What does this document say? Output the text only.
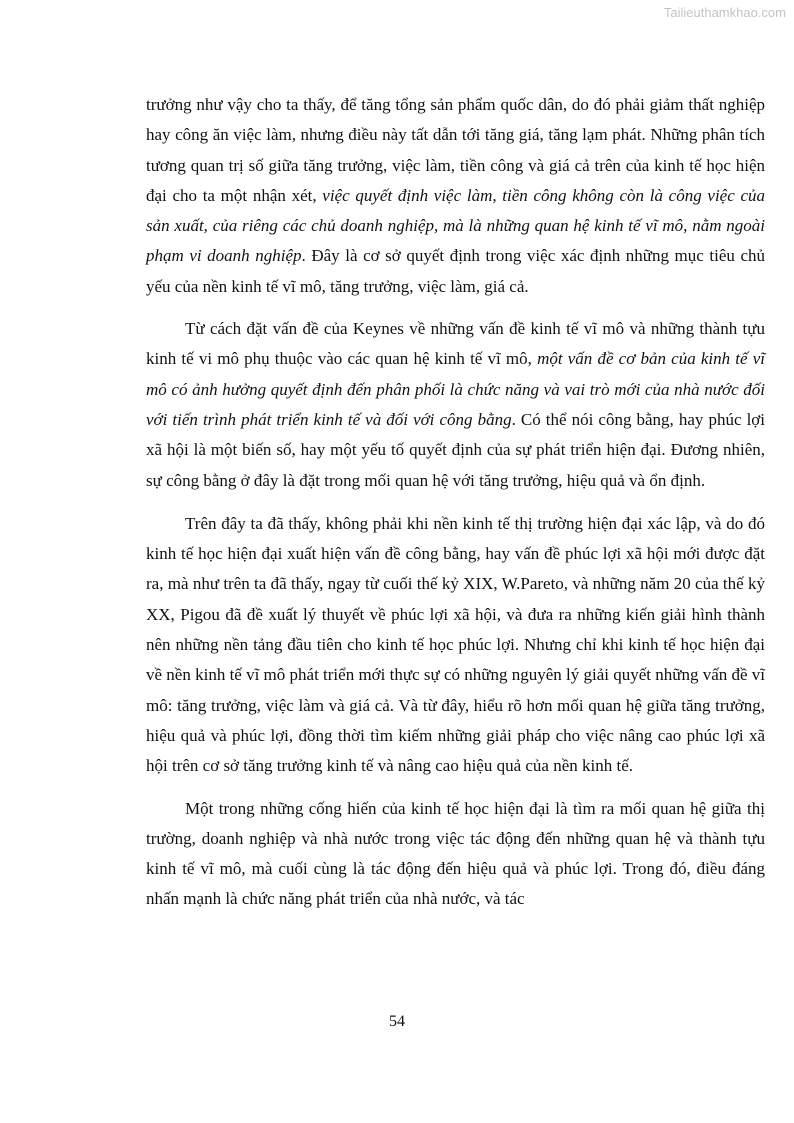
Tailieuthamkhao.com

trưởng như vậy cho ta thấy, để tăng tổng sản phẩm quốc dân, do đó phải giảm thất nghiệp hay công ăn việc làm, nhưng điều này tất dẫn tới tăng giá, tăng lạm phát. Những phân tích tương quan trị số giữa tăng trưởng, việc làm, tiền công và giá cả trên của kinh tế học hiện đại cho ta một nhận xét, việc quyết định việc làm, tiền công không còn là công việc của sản xuất, của riêng các chủ doanh nghiệp, mà là những quan hệ kinh tế vĩ mô, nằm ngoài phạm vi doanh nghiệp. Đây là cơ sở quyết định trong việc xác định những mục tiêu chủ yếu của nền kinh tế vĩ mô, tăng trưởng, việc làm, giá cả.

Từ cách đặt vấn đề của Keynes về những vấn đề kinh tế vĩ mô và những thành tựu kinh tế vi mô phụ thuộc vào các quan hệ kinh tế vĩ mô, một vấn đề cơ bản của kinh tế vĩ mô có ảnh hưởng quyết định đến phân phối là chức năng và vai trò mới của nhà nước đối với tiến trình phát triển kinh tế và đối với công bằng. Có thể nói công bằng, hay phúc lợi xã hội là một biến số, hay một yếu tố quyết định của sự phát triển hiện đại. Đương nhiên, sự công bằng ở đây là đặt trong mối quan hệ với tăng trưởng, hiệu quả và ổn định.

Trên đây ta đã thấy, không phải khi nền kinh tế thị trường hiện đại xác lập, và do đó kinh tế học hiện đại xuất hiện vấn đề công bằng, hay vấn đề phúc lợi xã hội mới được đặt ra, mà như trên ta đã thấy, ngay từ cuối thế kỷ XIX, W.Pareto, và những năm 20 của thế kỷ XX, Pigou đã đề xuất lý thuyết về phúc lợi xã hội, và đưa ra những kiến giải hình thành nên những nền tảng đầu tiên cho kinh tế học phúc lợi. Nhưng chỉ khi kinh tế học hiện đại về nền kinh tế vĩ mô phát triển mới thực sự có những nguyên lý giải quyết những vấn đề vĩ mô: tăng trưởng, việc làm và giá cả. Và từ đây, hiểu rõ hơn mối quan hệ giữa tăng trưởng, hiệu quả và phúc lợi, đồng thời tìm kiếm những giải pháp cho việc nâng cao phúc lợi xã hội trên cơ sở tăng trưởng kinh tế và nâng cao hiệu quả của nền kinh tế.

Một trong những cống hiến của kinh tế học hiện đại là tìm ra mối quan hệ giữa thị trường, doanh nghiệp và nhà nước trong việc tác động đến những quan hệ và thành tựu kinh tế vĩ mô, mà cuối cùng là tác động đến hiệu quả và phúc lợi. Trong đó, điều đáng nhấn mạnh là chức năng phát triển của nhà nước, và tác

54
